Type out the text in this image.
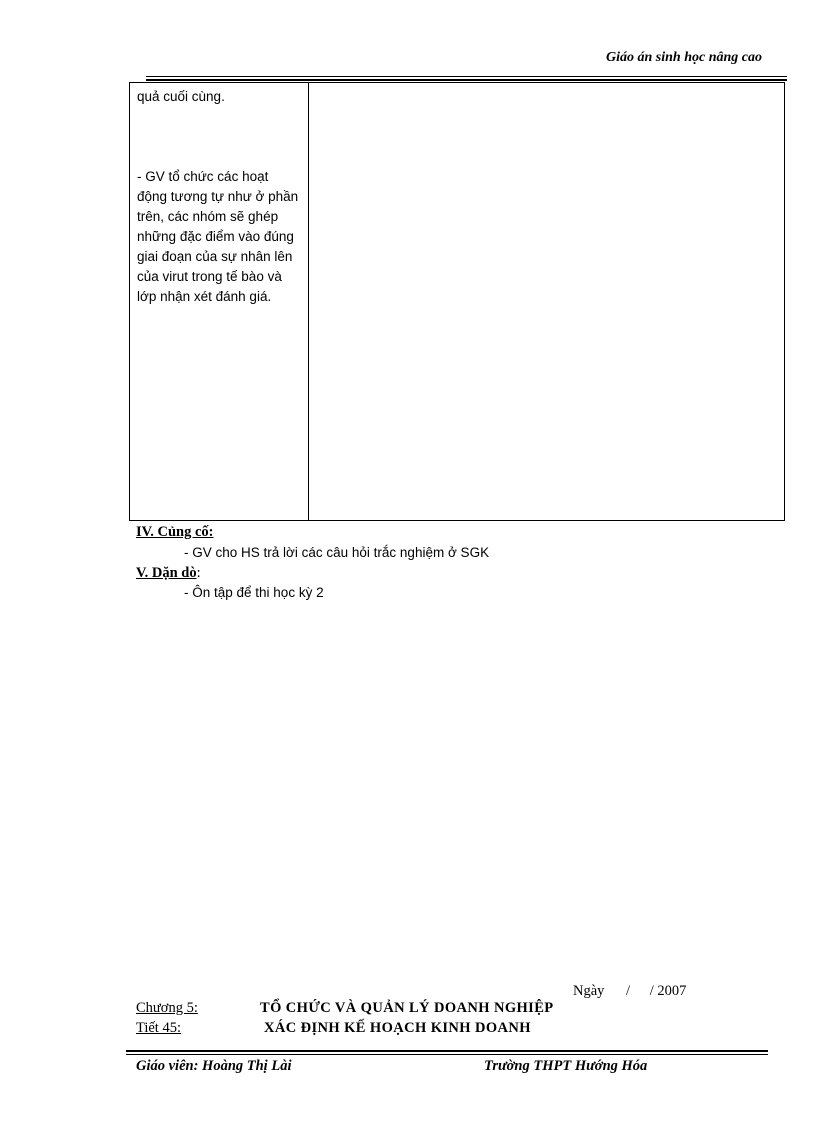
Giáo án sinh học nâng cao

quả cuối cùng.

- GV tổ chức các hoạt động tương tự như ở phần trên, các nhóm sẽ ghép những đặc điểm vào đúng giai đoạn của sự nhân lên của virut trong tế bào và lớp nhận xét đánh giá.

IV. Củng cố:
- GV cho HS trả lời các câu hỏi trắc nghiệm ở SGK
V. Dặn dò:
- Ôn tập để thi học kỳ 2
Ngày / / 2007
Chương 5:	TỔ CHỨC VÀ QUẢN LÝ DOANH NGHIỆP
Tiết 45:	XÁC ĐỊNH KẾ HOẠCH KINH DOANH
Giáo viên: Hoàng Thị Lài	Trường THPT Hướng Hóa
